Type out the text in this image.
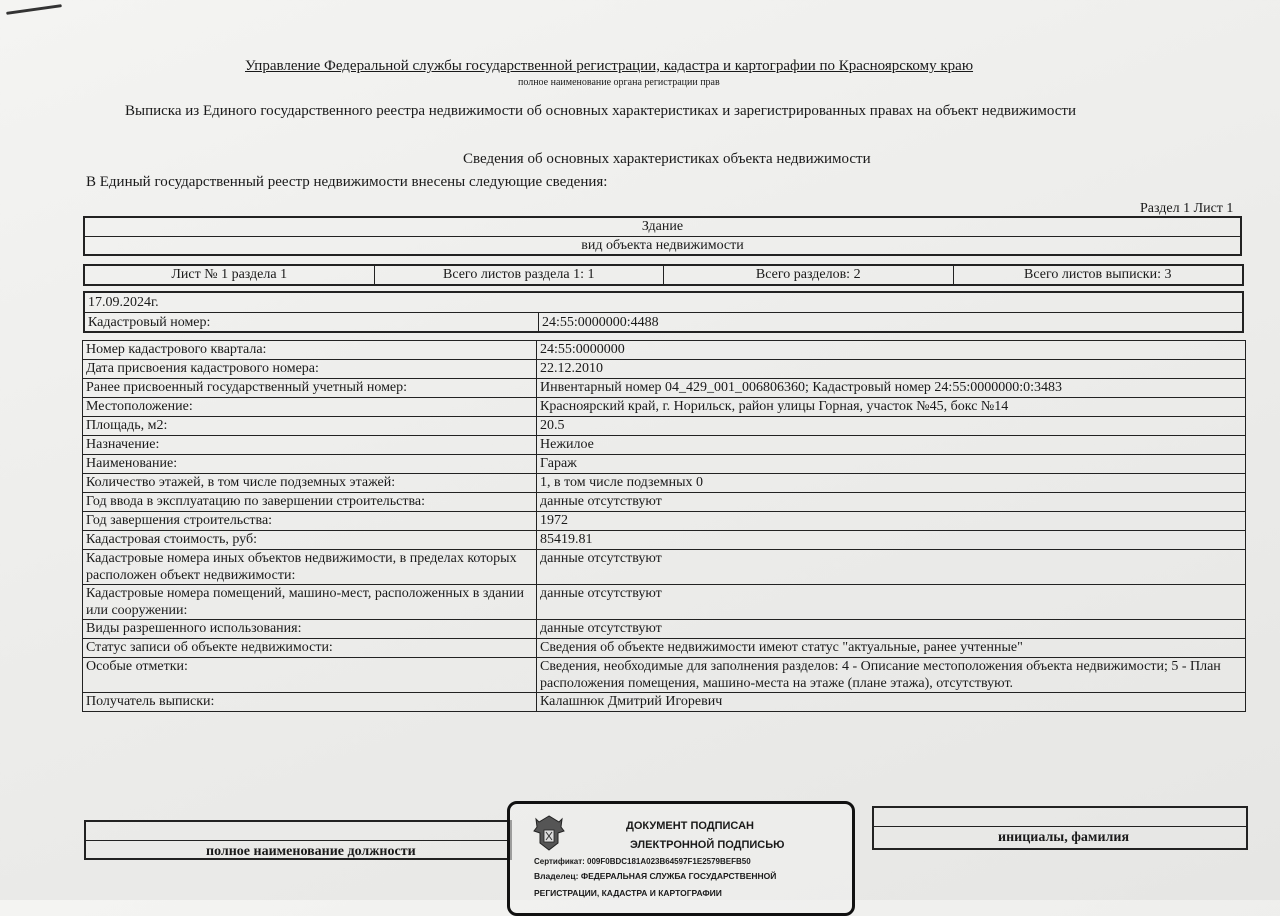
Управление Федеральной службы государственной регистрации, кадастра и картографии по Красноярскому краю
полное наименование органа регистрации прав
Выписка из Единого государственного реестра недвижимости об основных характеристиках и зарегистрированных правах на объект недвижимости
Сведения об основных характеристиках объекта недвижимости
В Единый государственный реестр недвижимости внесены следующие сведения:
Раздел 1 Лист 1
Здание
вид объекта недвижимости
Лист № 1 раздела 1	Всего листов раздела 1: 1	Всего разделов: 2	Всего листов выписки: 3
17.09.2024г.
Кадастровый номер:	24:55:0000000:4488
Номер кадастрового квартала:	24:55:0000000
Дата присвоения кадастрового номера:	22.12.2010
Ранее присвоенный государственный учетный номер:	Инвентарный номер 04_429_001_006806360; Кадастровый номер 24:55:0000000:0:3483
Местоположение:	Красноярский край, г. Норильск, район улицы Горная, участок №45, бокс №14
Площадь, м2:	20.5
Назначение:	Нежилое
Наименование:	Гараж
Количество этажей, в том числе подземных этажей:	1, в том числе подземных 0
Год ввода в эксплуатацию по завершении строительства:	данные отсутствуют
Год завершения строительства:	1972
Кадастровая стоимость, руб:	85419.81
Кадастровые номера иных объектов недвижимости, в пределах которых расположен объект недвижимости:	данные отсутствуют
Кадастровые номера помещений, машино-мест, расположенных в здании или сооружении:	данные отсутствуют
Виды разрешенного использования:	данные отсутствуют
Статус записи об объекте недвижимости:	Сведения об объекте недвижимости имеют статус "актуальные, ранее учтенные"
Особые отметки:	Сведения, необходимые для заполнения разделов: 4 - Описание местоположения объекта недвижимости; 5 - План расположения помещения, машино-места на этаже (плане этажа), отсутствуют.
Получатель выписки:	Калашнюк Дмитрий Игоревич
полное наименование должности
инициалы, фамилия
ДОКУМЕНТ ПОДПИСАН
ЭЛЕКТРОННОЙ ПОДПИСЬЮ
Сертификат: 009F0BDC181A023B64597F1E2579BEFB50
Владелец: ФЕДЕРАЛЬНАЯ СЛУЖБА ГОСУДАРСТВЕННОЙ
РЕГИСТРАЦИИ, КАДАСТРА И КАРТОГРАФИИ
